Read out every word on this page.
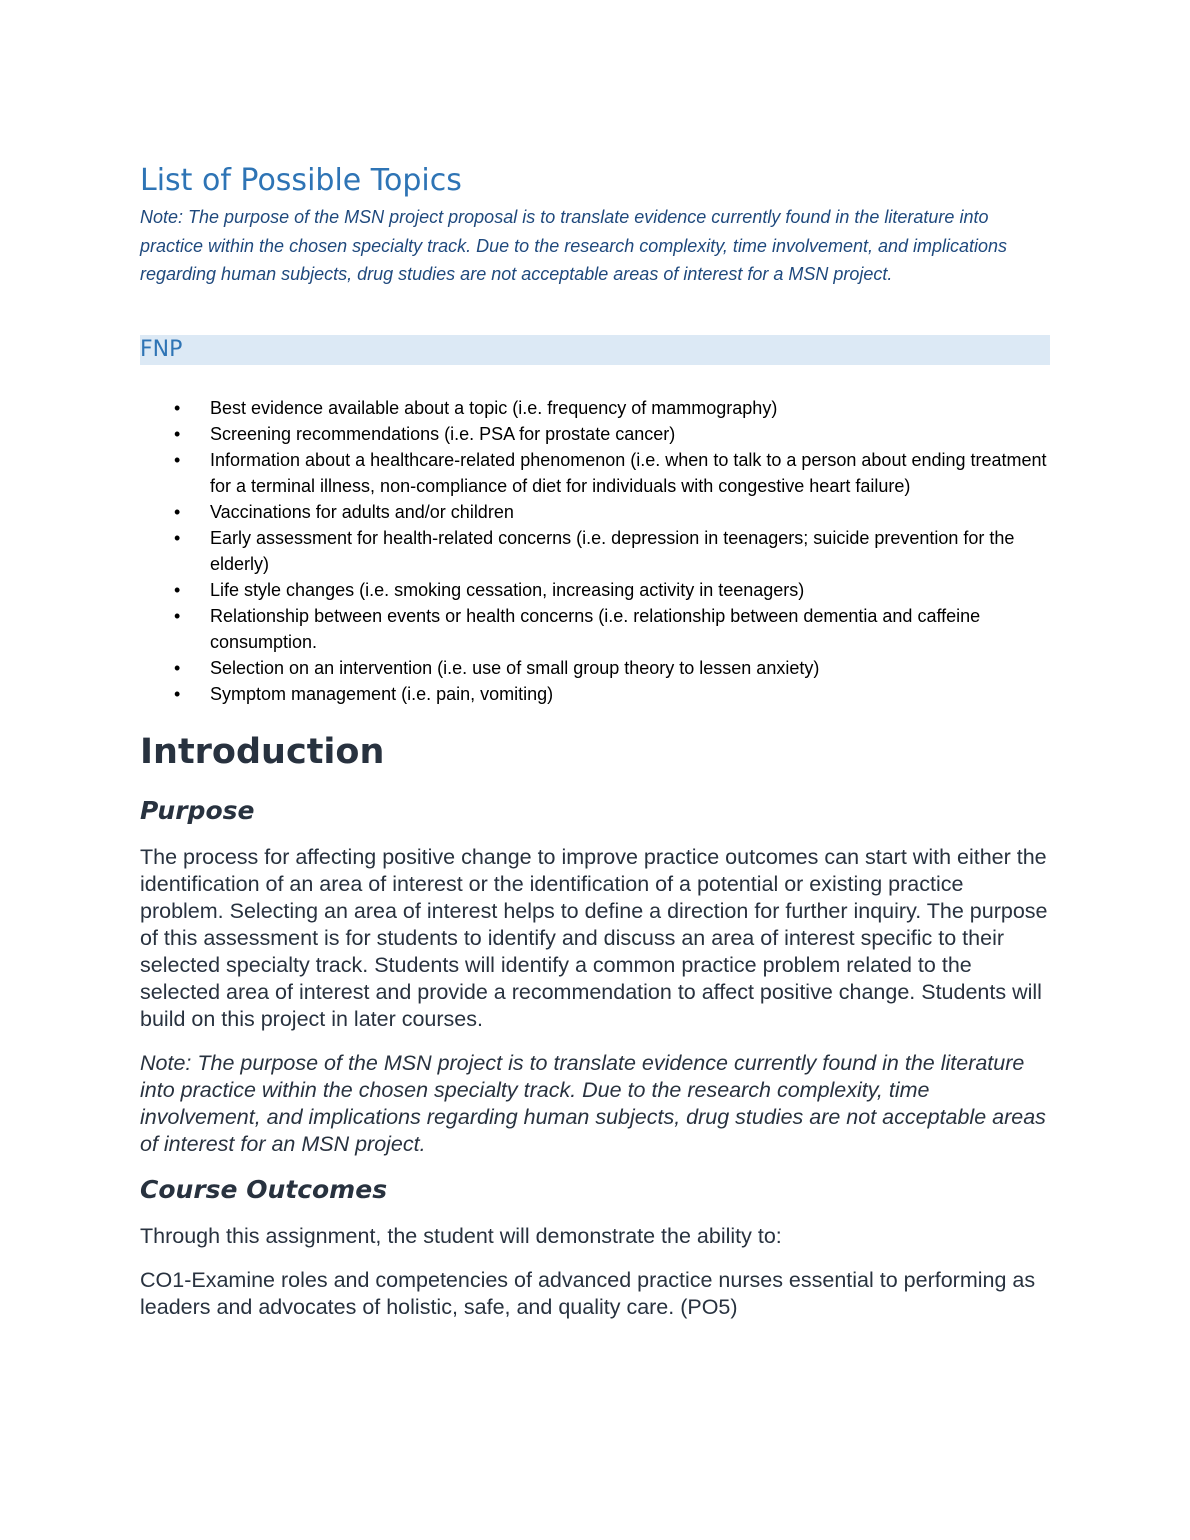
List of Possible Topics

Note: The purpose of the MSN project proposal is to translate evidence currently found in the literature into practice within the chosen specialty track. Due to the research complexity, time involvement, and implications regarding human subjects, drug studies are not acceptable areas of interest for a MSN project.

FNP
• Best evidence available about a topic (i.e. frequency of mammography)
• Screening recommendations (i.e. PSA for prostate cancer)
• Information about a healthcare-related phenomenon (i.e. when to talk to a person about ending treatment for a terminal illness, non-compliance of diet for individuals with congestive heart failure)
• Vaccinations for adults and/or children
• Early assessment for health-related concerns (i.e. depression in teenagers; suicide prevention for the elderly)
• Life style changes (i.e. smoking cessation, increasing activity in teenagers)
• Relationship between events or health concerns (i.e. relationship between dementia and caffeine consumption.
• Selection on an intervention (i.e. use of small group theory to lessen anxiety)
• Symptom management (i.e. pain, vomiting)
Introduction
Purpose

The process for affecting positive change to improve practice outcomes can start with either the identification of an area of interest or the identification of a potential or existing practice problem. Selecting an area of interest helps to define a direction for further inquiry. The purpose of this assessment is for students to identify and discuss an area of interest specific to their selected specialty track. Students will identify a common practice problem related to the selected area of interest and provide a recommendation to affect positive change. Students will build on this project in later courses.

Note: The purpose of the MSN project is to translate evidence currently found in the literature into practice within the chosen specialty track. Due to the research complexity, time involvement, and implications regarding human subjects, drug studies are not acceptable areas of interest for an MSN project.

Course Outcomes

Through this assignment, the student will demonstrate the ability to:

CO1-Examine roles and competencies of advanced practice nurses essential to performing as leaders and advocates of holistic, safe, and quality care. (PO5)
